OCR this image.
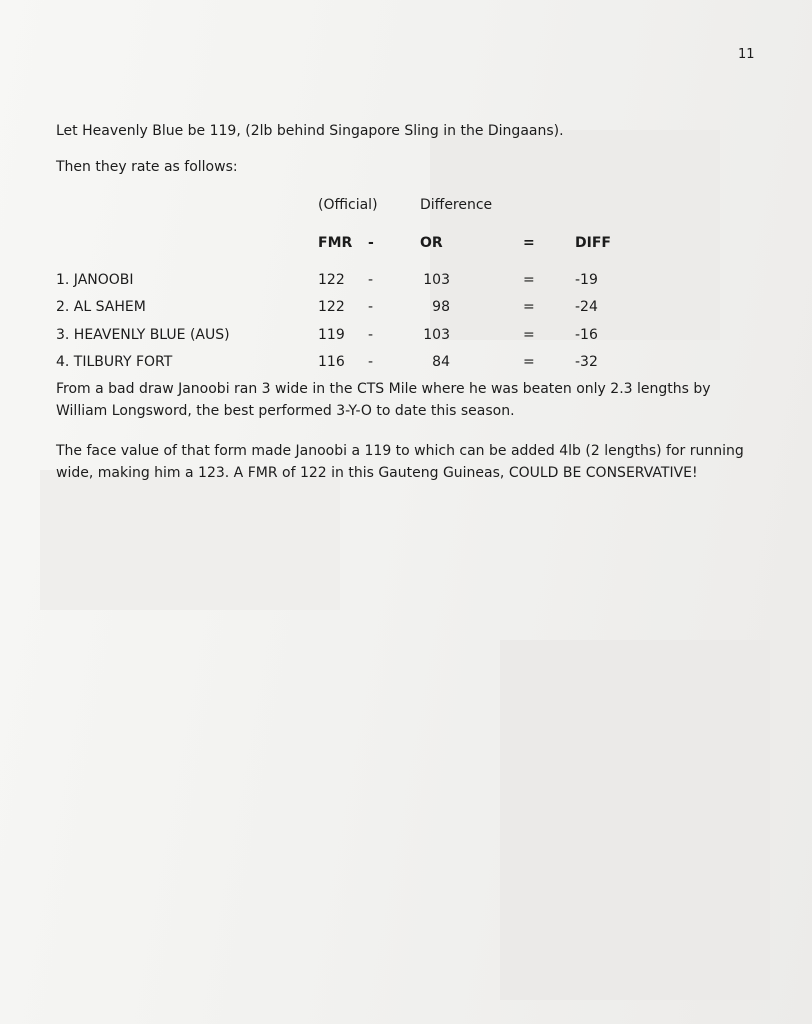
11

Let Heavenly Blue be 119, (2lb behind Singapore Sling in the Dingaans).

Then they rate as follows:

(Official)	Difference
FMR -	OR	=	DIFF
1. JANOOBI	122 -	103	=	-19
2. AL SAHEM	122 -	98	=	-24
3. HEAVENLY BLUE (AUS)	119 -	103	=	-16
4. TILBURY FORT	116 -	84	=	-32

From a bad draw Janoobi ran 3 wide in the CTS Mile where he was beaten only 2.3 lengths by William Longsword, the best performed 3-Y-O to date this season.

The face value of that form made Janoobi a 119 to which can be added 4lb (2 lengths) for running wide, making him a 123. A FMR of 122 in this Gauteng Guineas, COULD BE CONSERVATIVE!
